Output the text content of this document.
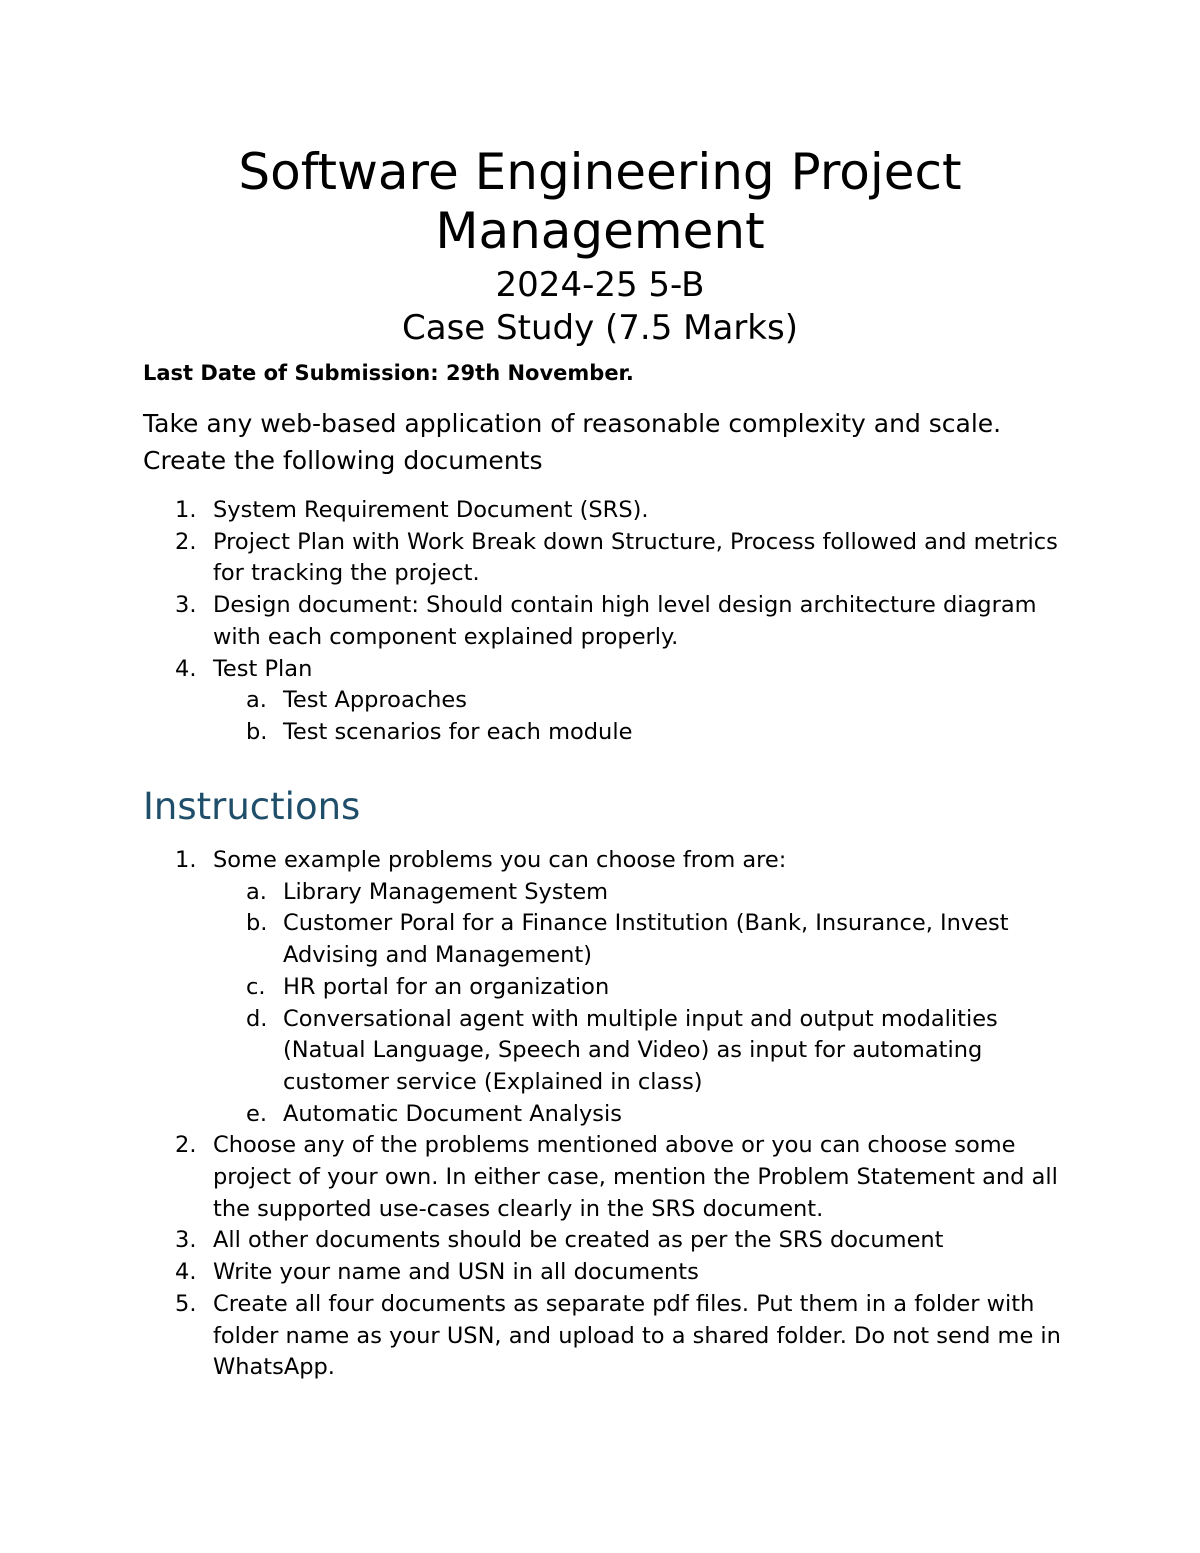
Software Engineering Project
Management

2024-25 5-B

Case Study (7.5 Marks)

Last Date of Submission: 29th November.

Take any web-based application of reasonable complexity and scale. Create the following documents

1. System Requirement Document (SRS).
2. Project Plan with Work Break down Structure, Process followed and metrics for tracking the project.
3. Design document: Should contain high level design architecture diagram with each component explained properly.
4. Test Plan
a. Test Approaches
b. Test scenarios for each module
Instructions
1. Some example problems you can choose from are:
a. Library Management System
b. Customer Poral for a Finance Institution (Bank, Insurance, Invest Advising and Management)
c. HR portal for an organization
d. Conversational agent with multiple input and output modalities (Natual Language, Speech and Video) as input for automating customer service (Explained in class)
e. Automatic Document Analysis
2. Choose any of the problems mentioned above or you can choose some project of your own. In either case, mention the Problem Statement and all the supported use-cases clearly in the SRS document.
3. All other documents should be created as per the SRS document
4. Write your name and USN in all documents
5. Create all four documents as separate pdf files. Put them in a folder with folder name as your USN, and upload to a shared folder. Do not send me in WhatsApp.
